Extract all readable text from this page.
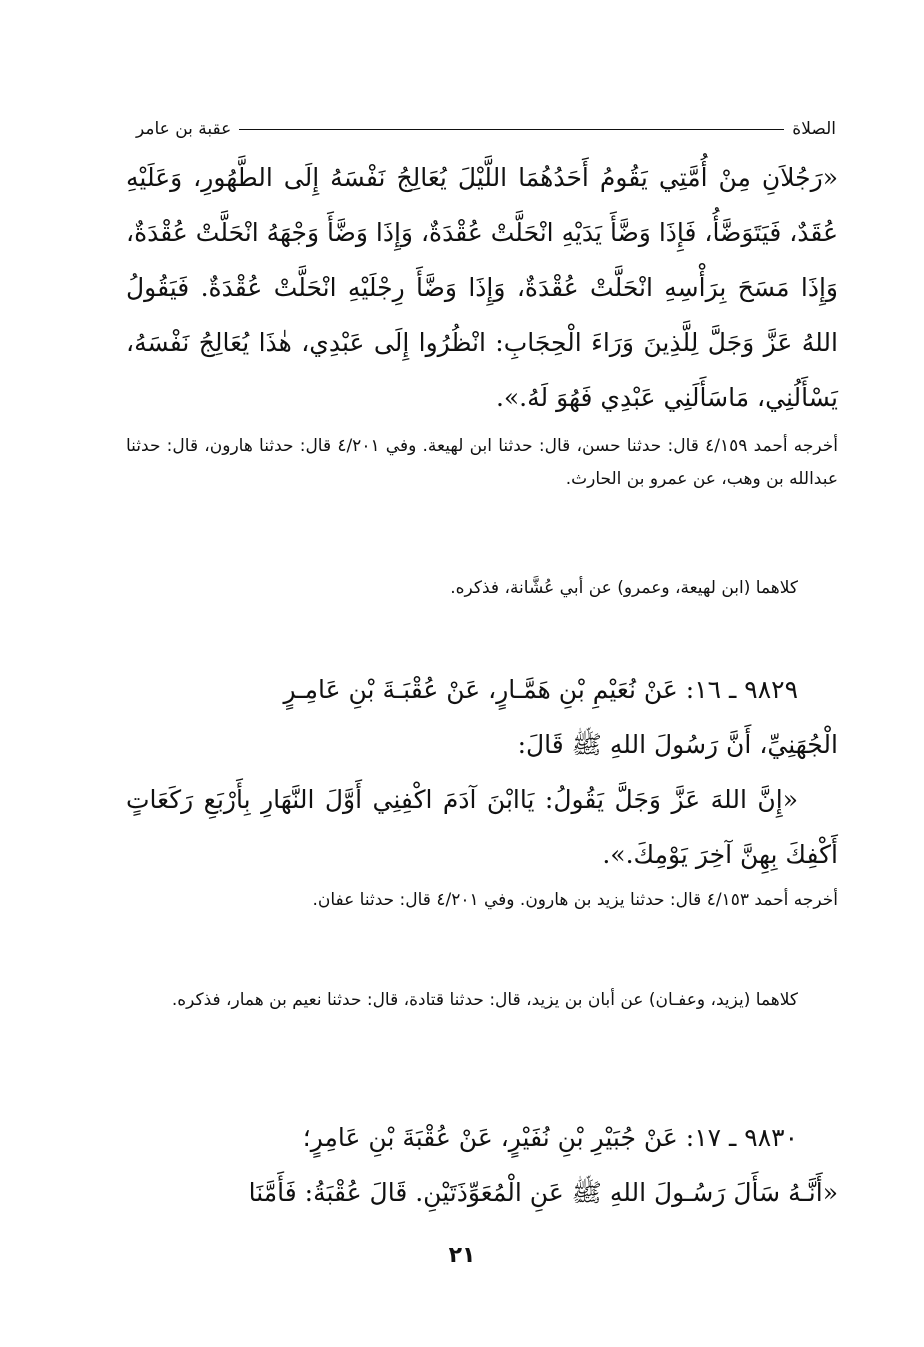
الصلاة
عقبة بن عامر

«رَجُلاَنِ مِنْ أُمَّتِي يَقُومُ أَحَدُهُمَا اللَّيْلَ يُعَالِجُ نَفْسَهُ إِلَى الطَّهُورِ، وَعَلَيْهِ عُقَدٌ، فَيَتَوَضَّأُ، فَإِذَا وَضَّأَ يَدَيْهِ انْحَلَّتْ عُقْدَةٌ، وَإِذَا وَضَّأَ وَجْهَهُ انْحَلَّتْ عُقْدَةٌ، وَإِذَا مَسَحَ بِرَأْسِهِ انْحَلَّتْ عُقْدَةٌ، وَإِذَا وَضَّأَ رِجْلَيْهِ انْحَلَّتْ عُقْدَةٌ. فَيَقُولُ اللهُ عَزَّ وَجَلَّ لِلَّذِينَ وَرَاءَ الْحِجَابِ: انْظُرُوا إِلَى عَبْدِي، هٰذَا يُعَالِجُ نَفْسَهُ، يَسْأَلُنِي، مَاسَأَلَنِي عَبْدِي فَهُوَ لَهُ.».

أخرجه أحمد ٤/١٥٩ قال: حدثنا حسن، قال: حدثنا ابن لهيعة. وفي ٤/٢٠١ قال: حدثنا هارون، قال: حدثنا عبدالله بن وهب، عن عمرو بن الحارث.

كلاهما (ابن لهيعة، وعمرو) عن أبي عُشَّانة، فذكره.

٩٨٢٩ ـ ١٦: عَنْ نُعَيْمِ بْنِ هَمَّـارٍ، عَنْ عُقْبَـةَ بْنِ عَامِـرٍ

الْجُهَنِيِّ، أَنَّ رَسُولَ اللهِ ﷺ قَالَ:

«إِنَّ اللهَ عَزَّ وَجَلَّ يَقُولُ: يَاابْنَ آدَمَ اكْفِنِي أَوَّلَ النَّهَارِ بِأَرْبَعِ رَكَعَاتٍ أَكْفِكَ بِهِنَّ آخِرَ يَوْمِكَ.».

أخرجه أحمد ٤/١٥٣ قال: حدثنا يزيد بن هارون. وفي ٤/٢٠١ قال: حدثنا عفان.

كلاهما (يزيد، وعفـان) عن أبان بن يزيد، قال: حدثنا قتادة، قال: حدثنا نعيم بن همار، فذكره.

٩٨٣٠ ـ ١٧: عَنْ جُبَيْرِ بْنِ نُفَيْرٍ، عَنْ عُقْبَةَ بْنِ عَامِرٍ؛

«أَنَّـهُ سَأَلَ رَسُـولَ اللهِ ﷺ عَنِ الْمُعَوِّذَتَيْنِ. قَالَ عُقْبَةُ: فَأَمَّنَا

٢١
